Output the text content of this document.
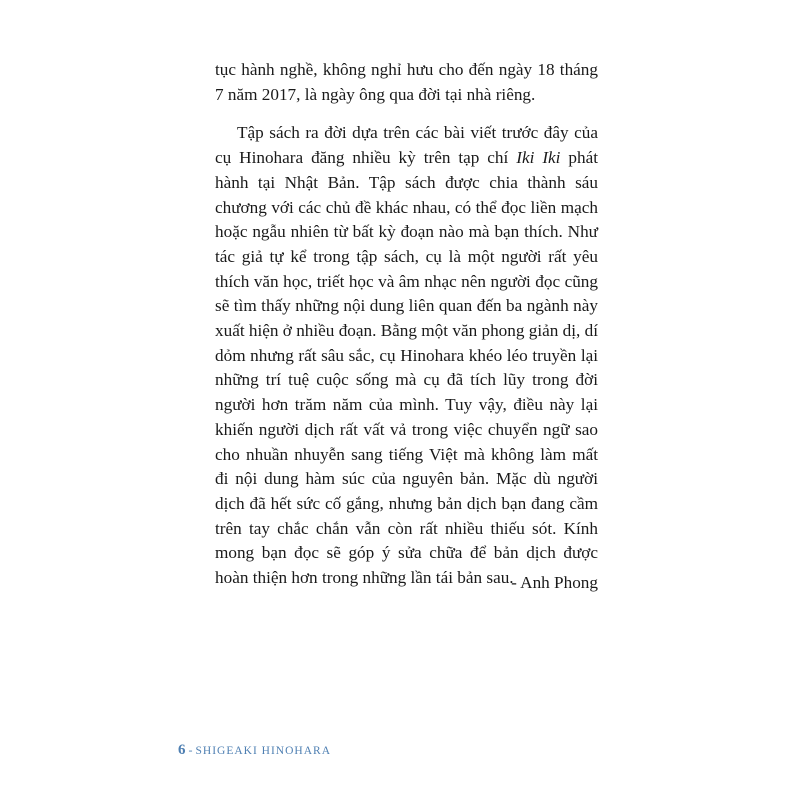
tục hành nghề, không nghỉ hưu cho đến ngày 18 tháng 7 năm 2017, là ngày ông qua đời tại nhà riêng.

Tập sách ra đời dựa trên các bài viết trước đây của cụ Hinohara đăng nhiều kỳ trên tạp chí Iki Iki phát hành tại Nhật Bản. Tập sách được chia thành sáu chương với các chủ đề khác nhau, có thể đọc liền mạch hoặc ngẫu nhiên từ bất kỳ đoạn nào mà bạn thích. Như tác giả tự kể trong tập sách, cụ là một người rất yêu thích văn học, triết học và âm nhạc nên người đọc cũng sẽ tìm thấy những nội dung liên quan đến ba ngành này xuất hiện ở nhiều đoạn. Bằng một văn phong giản dị, dí dỏm nhưng rất sâu sắc, cụ Hinohara khéo léo truyền lại những trí tuệ cuộc sống mà cụ đã tích lũy trong đời người hơn trăm năm của mình. Tuy vậy, điều này lại khiến người dịch rất vất vả trong việc chuyển ngữ sao cho nhuần nhuyễn sang tiếng Việt mà không làm mất đi nội dung hàm súc của nguyên bản. Mặc dù người dịch đã hết sức cố gắng, nhưng bản dịch bạn đang cầm trên tay chắc chắn vẫn còn rất nhiều thiếu sót. Kính mong bạn đọc sẽ góp ý sửa chữa để bản dịch được hoàn thiện hơn trong những lần tái bản sau.

- Anh Phong
6 - SHIGEAKI HINOHARA
